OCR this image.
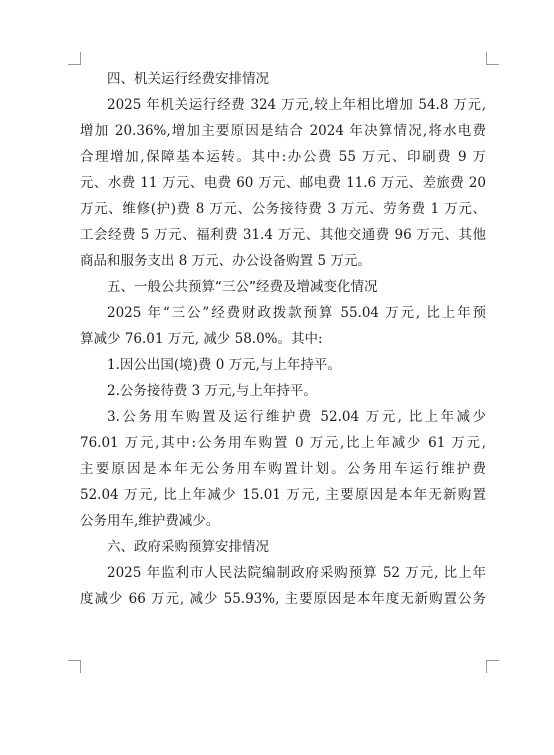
四、机关运行经费安排情况
2025 年机关运行经费 324 万元,较上年相比增加 54.8 万元,
增加 20.36%,增加主要原因是结合 2024 年决算情况,将水电费
合理增加,保障基本运转。其中:办公费 55 万元、印刷费 9 万
元、水费 11 万元、电费 60 万元、邮电费 11.6 万元、差旅费 20
万元、维修(护)费 8 万元、公务接待费 3 万元、劳务费 1 万元、
工会经费 5 万元、福利费 31.4 万元、其他交通费 96 万元、其他
商品和服务支出 8 万元、办公设备购置 5 万元。
五、一般公共预算“三公”经费及增减变化情况
2025 年“三公”经费财政拨款预算 55.04 万元, 比上年预
算减少 76.01 万元, 减少 58.0%。其中:
1.因公出国(境)费 0 万元,与上年持平。
2.公务接待费 3 万元,与上年持平。
3.公务用车购置及运行维护费 52.04 万元, 比上年减少
76.01 万元,其中:公务用车购置 0 万元,比上年减少 61 万元,
主要原因是本年无公务用车购置计划。公务用车运行维护费
52.04 万元, 比上年减少 15.01 万元, 主要原因是本年无新购置
公务用车,维护费减少。
六、政府采购预算安排情况
2025 年监利市人民法院编制政府采购预算 52 万元, 比上年
度减少 66 万元, 减少 55.93%, 主要原因是本年度无新购置公务
